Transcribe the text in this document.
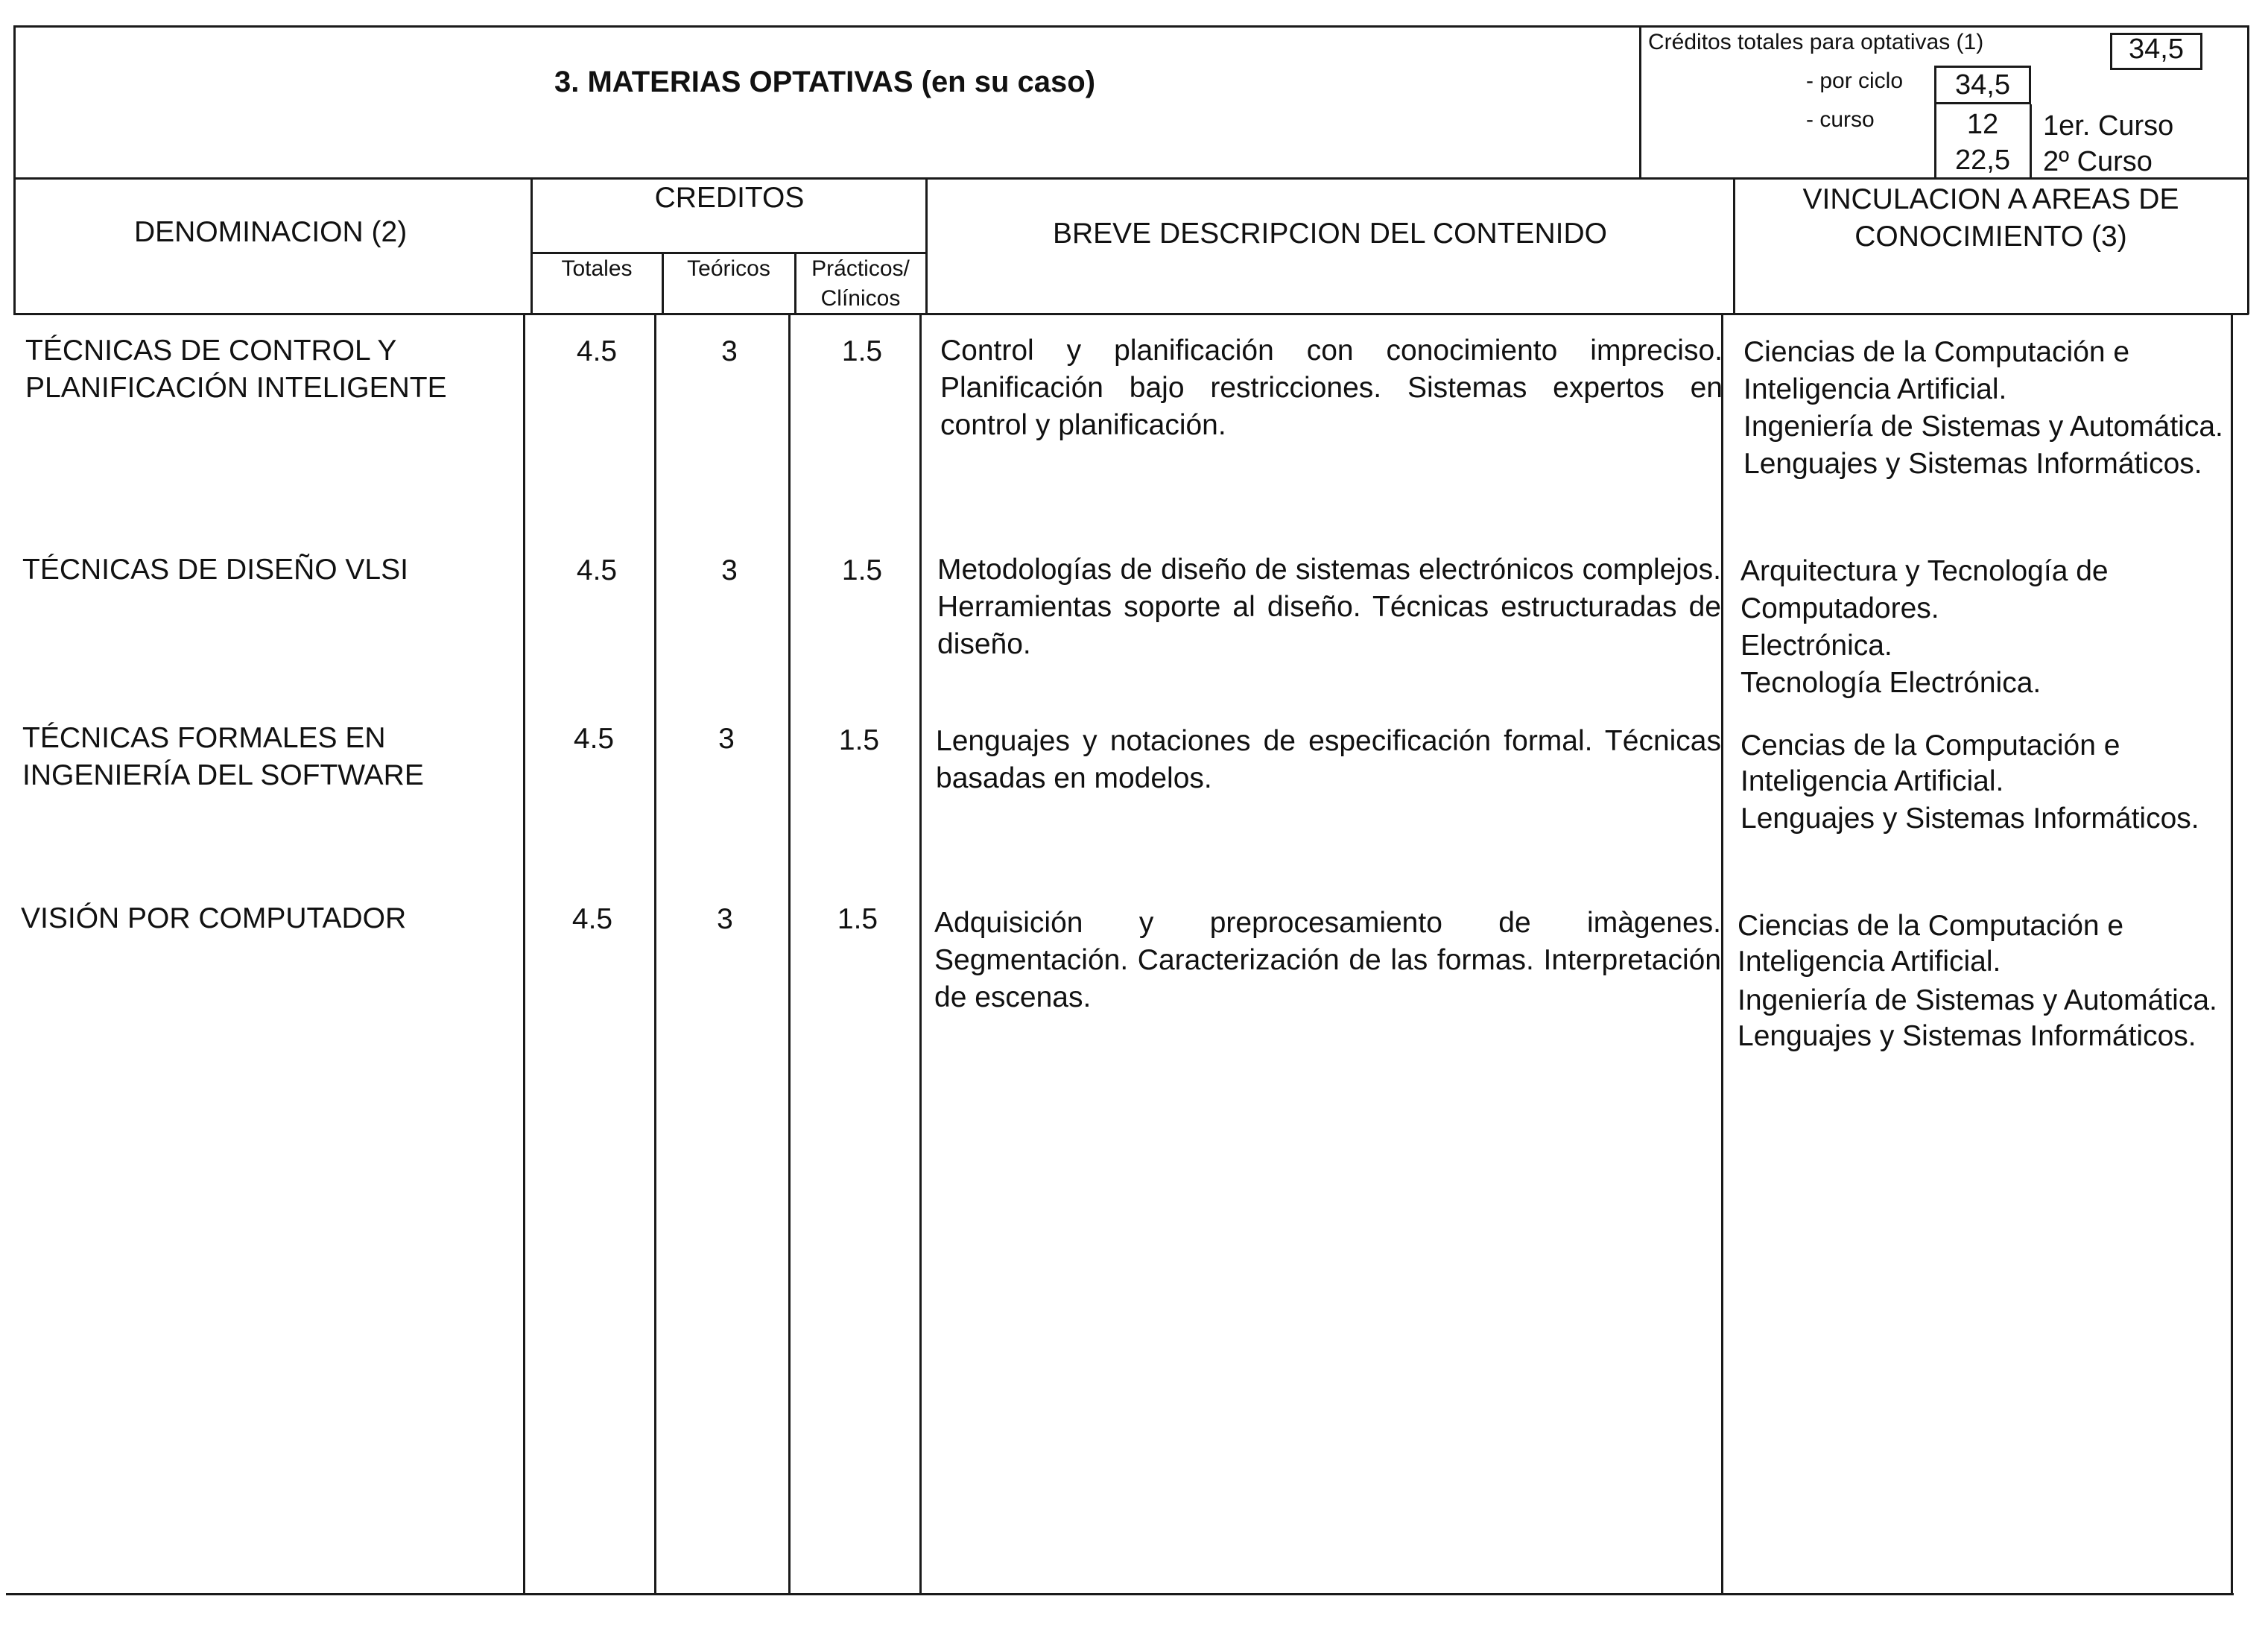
3. MATERIAS OPTATIVAS (en su caso)
Créditos totales para optativas (1)	34,5
- por ciclo	34,5
- curso	12	1er. Curso
22,5	2º Curso
DENOMINACION (2)
CREDITOS
Totales	Teóricos	Prácticos/
Clínicos
BREVE DESCRIPCION DEL CONTENIDO
VINCULACION A AREAS DE
CONOCIMIENTO (3)
TÉCNICAS DE CONTROL Y PLANIFICACIÓN INTELIGENTE
4.5	3	1.5	Control y planificación con conocimiento impreciso. Planificación bajo restricciones. Sistemas expertos en control y planificación.
Ciencias de la Computación e
Inteligencia Artificial.
Ingeniería de Sistemas y Automática.
Lenguajes y Sistemas Informáticos.
TÉCNICAS DE DISEÑO VLSI	4.5	3	1.5	Metodologías de diseño de sistemas electrónicos complejos. Herramientas soporte al diseño. Técnicas estructuradas de diseño.
Arquitectura y Tecnología de
Computadores.
Electrónica.
Tecnología Electrónica.
TÉCNICAS FORMALES EN INGENIERÍA DEL SOFTWARE
4.5	3	1.5	Lenguajes y notaciones de especificación formal. Técnicas basadas en modelos.
Cencias de la Computación e
Inteligencia Artificial.
Lenguajes y Sistemas Informáticos.
VISIÓN POR COMPUTADOR	4.5	3	1.5	Adquisición y preprocesamiento de imàgenes. Segmentación. Caracterización de las formas. Interpretación de escenas.
Ciencias de la Computación e
Inteligencia Artificial.
Ingeniería de Sistemas y Automática.
Lenguajes y Sistemas Informáticos.
